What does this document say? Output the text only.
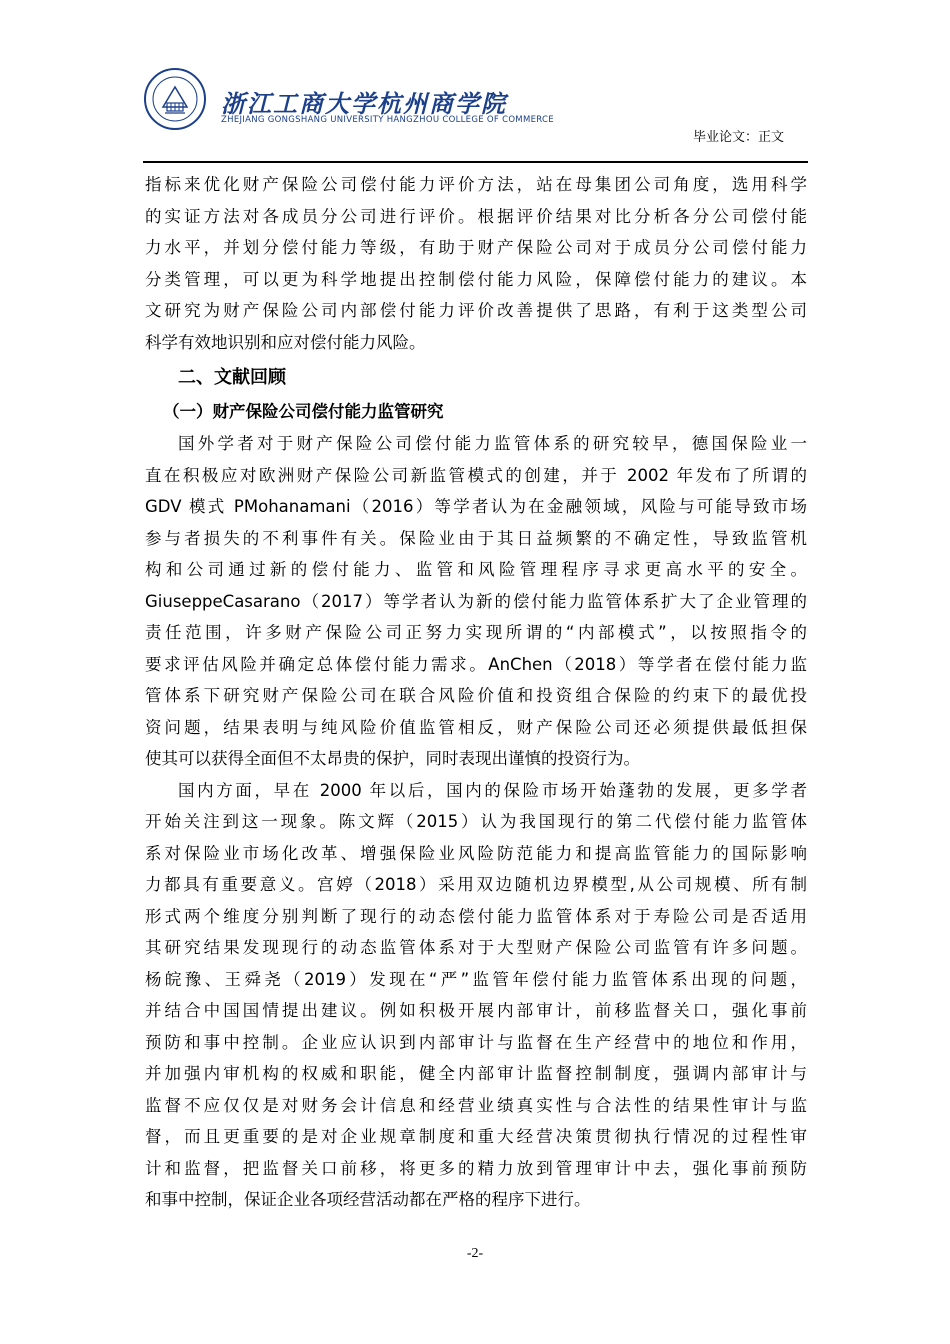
浙江工商大学杭州商学院
ZHEJIANG GONGSHANG UNIVERSITY HANGZHOU COLLEGE OF COMMERCE
毕业论文：正文
指标来优化财产保险公司偿付能力评价方法，站在母集团公司角度，选用科学
的实证方法对各成员分公司进行评价。根据评价结果对比分析各分公司偿付能
力水平，并划分偿付能力等级，有助于财产保险公司对于成员分公司偿付能力
分类管理，可以更为科学地提出控制偿付能力风险，保障偿付能力的建议。本
文研究为财产保险公司内部偿付能力评价改善提供了思路，有利于这类型公司
科学有效地识别和应对偿付能力风险。
二、文献回顾
（一）财产保险公司偿付能力监管研究
国外学者对于财产保险公司偿付能力监管体系的研究较早，德国保险业一
直在积极应对欧洲财产保险公司新监管模式的创建，并于 2002 年发布了所谓的
GDV 模式 PMohanamani（2016）等学者认为在金融领域，风险与可能导致市场
参与者损失的不利事件有关。保险业由于其日益频繁的不确定性，导致监管机
构和公司通过新的偿付能力、监管和风险管理程序寻求更高水平的安全。
GiuseppeCasarano（2017）等学者认为新的偿付能力监管体系扩大了企业管理的
责任范围，许多财产保险公司正努力实现所谓的“内部模式”，以按照指令的
要求评估风险并确定总体偿付能力需求。AnChen（2018）等学者在偿付能力监
管体系下研究财产保险公司在联合风险价值和投资组合保险的约束下的最优投
资问题，结果表明与纯风险价值监管相反，财产保险公司还必须提供最低担保
使其可以获得全面但不太昂贵的保护，同时表现出谨慎的投资行为。
国内方面，早在 2000 年以后，国内的保险市场开始蓬勃的发展，更多学者
开始关注到这一现象。陈文辉（2015）认为我国现行的第二代偿付能力监管体
系对保险业市场化改革、增强保险业风险防范能力和提高监管能力的国际影响
力都具有重要意义。宫婷（2018）采用双边随机边界模型,从公司规模、所有制
形式两个维度分别判断了现行的动态偿付能力监管体系对于寿险公司是否适用
其研究结果发现现行的动态监管体系对于大型财产保险公司监管有许多问题。
杨皖豫、王舜尧（2019）发现在“严”监管年偿付能力监管体系出现的问题，
并结合中国国情提出建议。例如积极开展内部审计，前移监督关口，强化事前
预防和事中控制。企业应认识到内部审计与监督在生产经营中的地位和作用，
并加强内审机构的权威和职能，健全内部审计监督控制制度，强调内部审计与
监督不应仅仅是对财务会计信息和经营业绩真实性与合法性的结果性审计与监
督，而且更重要的是对企业规章制度和重大经营决策贯彻执行情况的过程性审
计和监督，把监督关口前移，将更多的精力放到管理审计中去，强化事前预防
和事中控制，保证企业各项经营活动都在严格的程序下进行。
-2-
